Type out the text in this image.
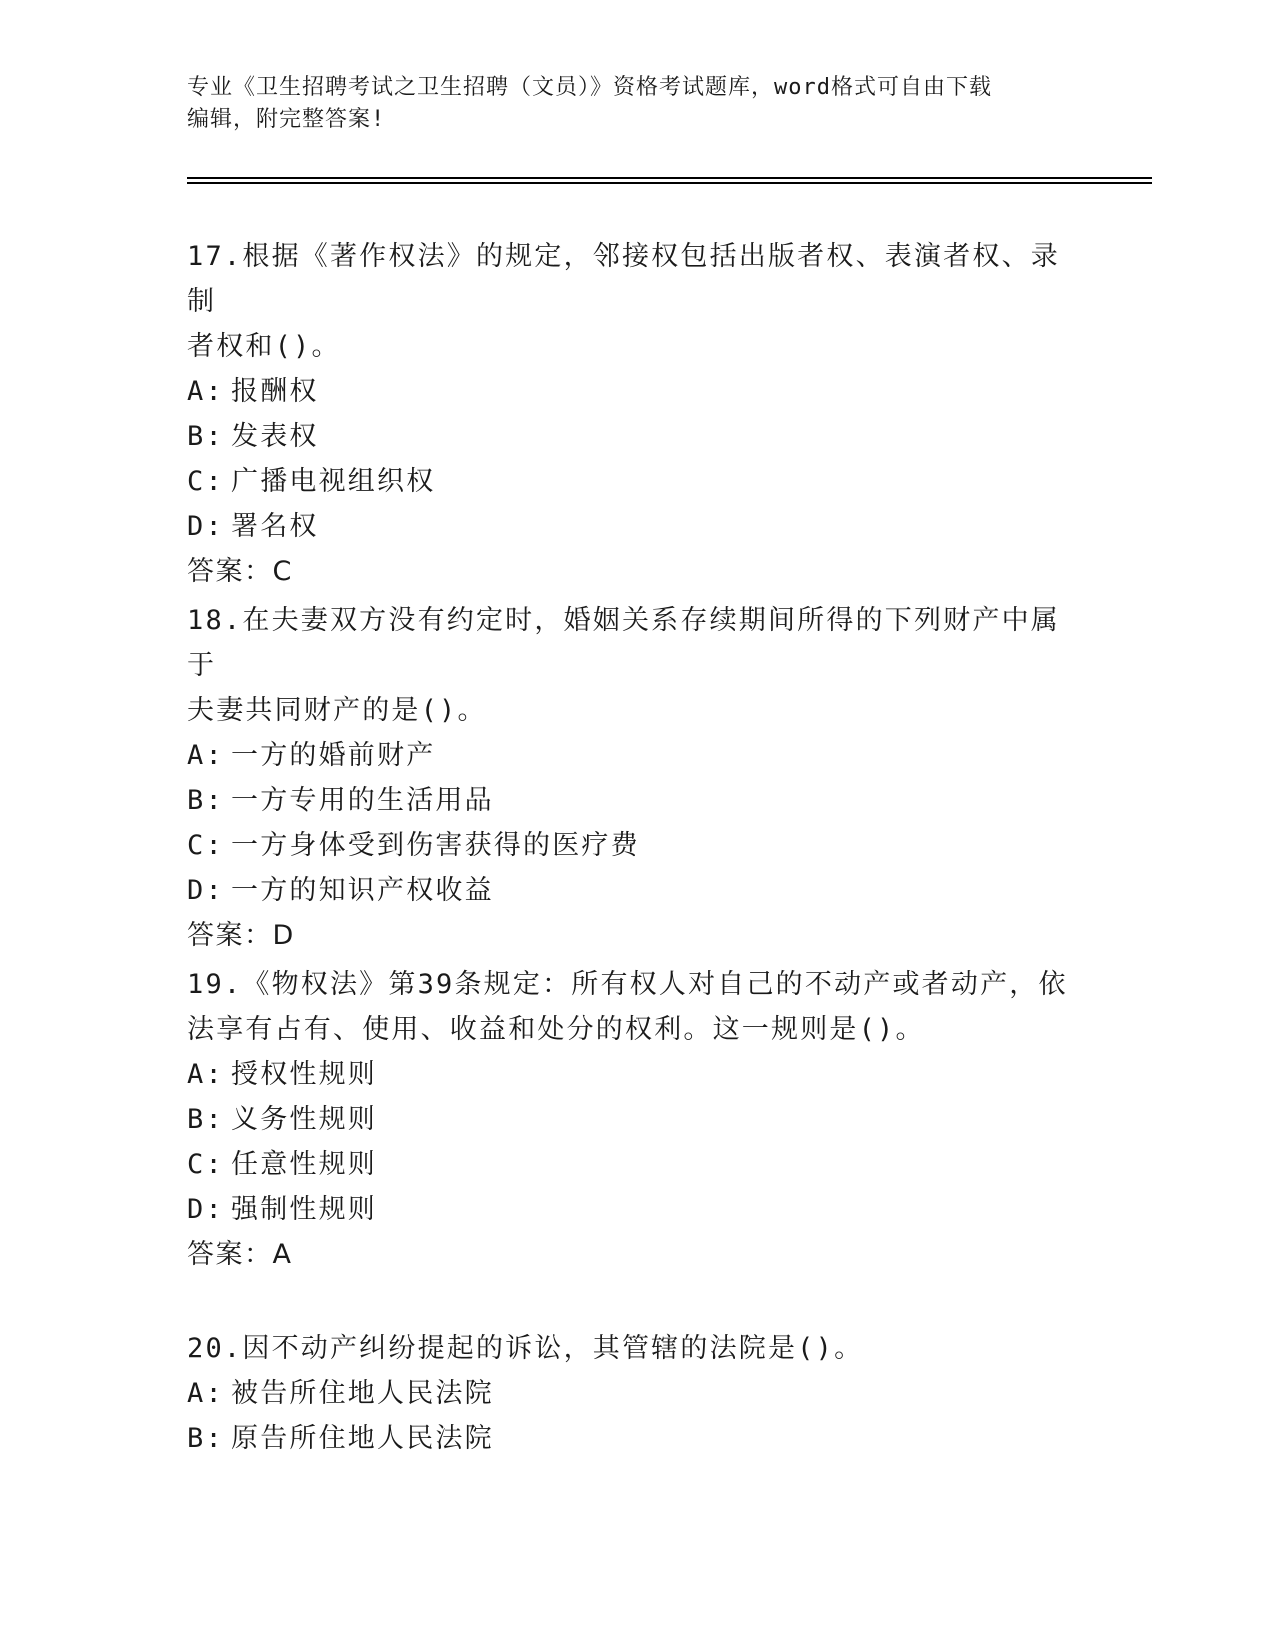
专业《卫生招聘考试之卫生招聘（文员）》资格考试题库，word格式可自由下载
编辑，附完整答案!

17.根据《著作权法》的规定，邻接权包括出版者权、表演者权、录制
者权和()。

A: 报酬权

B: 发表权

C: 广播电视组织权

D: 署名权

答案：C

18.在夫妻双方没有约定时，婚姻关系存续期间所得的下列财产中属于
夫妻共同财产的是()。

A: 一方的婚前财产

B: 一方专用的生活用品

C: 一方身体受到伤害获得的医疗费

D: 一方的知识产权收益

答案：D

19.《物权法》第39条规定：所有权人对自己的不动产或者动产，依
法享有占有、使用、收益和处分的权利。这一规则是()。

A: 授权性规则

B: 义务性规则

C: 任意性规则

D: 强制性规则

答案：A

20.因不动产纠纷提起的诉讼，其管辖的法院是()。

A: 被告所住地人民法院

B: 原告所住地人民法院
